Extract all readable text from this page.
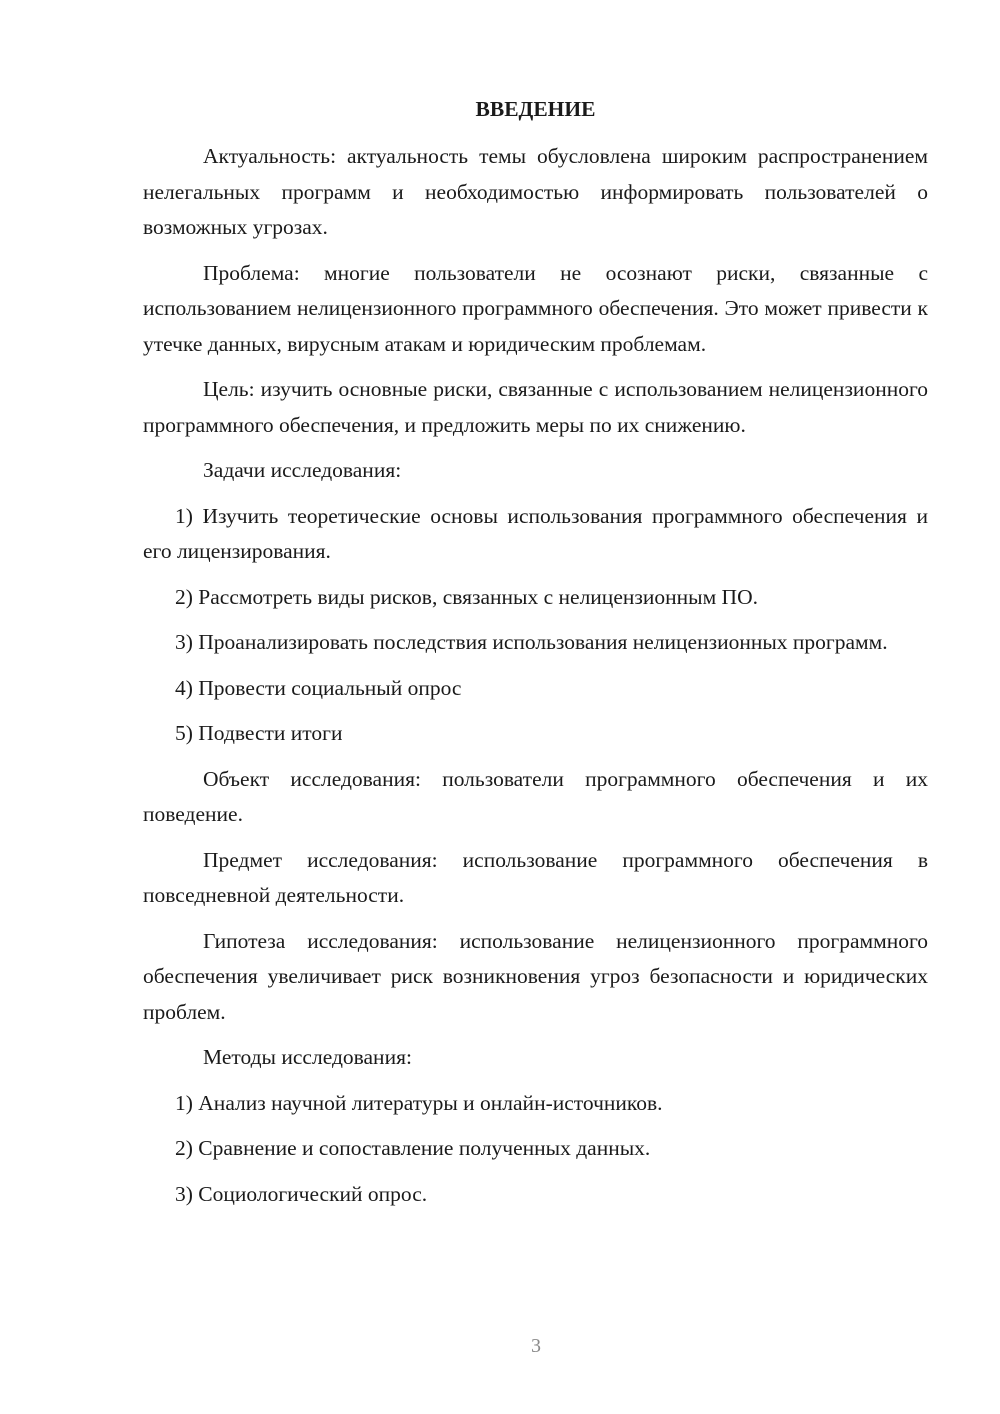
ВВЕДЕНИЕ

Актуальность: актуальность темы обусловлена широким распространением нелегальных программ и необходимостью информировать пользователей о возможных угрозах.

Проблема: многие пользователи не осознают риски, связанные с использованием нелицензионного программного обеспечения. Это может привести к утечке данных, вирусным атакам и юридическим проблемам.

Цель: изучить основные риски, связанные с использованием нелицензионного программного обеспечения, и предложить меры по их снижению.

Задачи исследования:

1) Изучить теоретические основы использования программного обеспечения и его лицензирования.

2) Рассмотреть виды рисков, связанных с нелицензионным ПО.

3) Проанализировать последствия использования нелицензионных программ.

4) Провести социальный опрос

5) Подвести итоги

Объект исследования: пользователи программного обеспечения и их поведение.

Предмет исследования: использование программного обеспечения в повседневной деятельности.

Гипотеза исследования: использование нелицензионного программного обеспечения увеличивает риск возникновения угроз безопасности и юридических проблем.

Методы исследования:

1) Анализ научной литературы и онлайн-источников.

2) Сравнение и сопоставление полученных данных.

3) Социологический опрос.

3
